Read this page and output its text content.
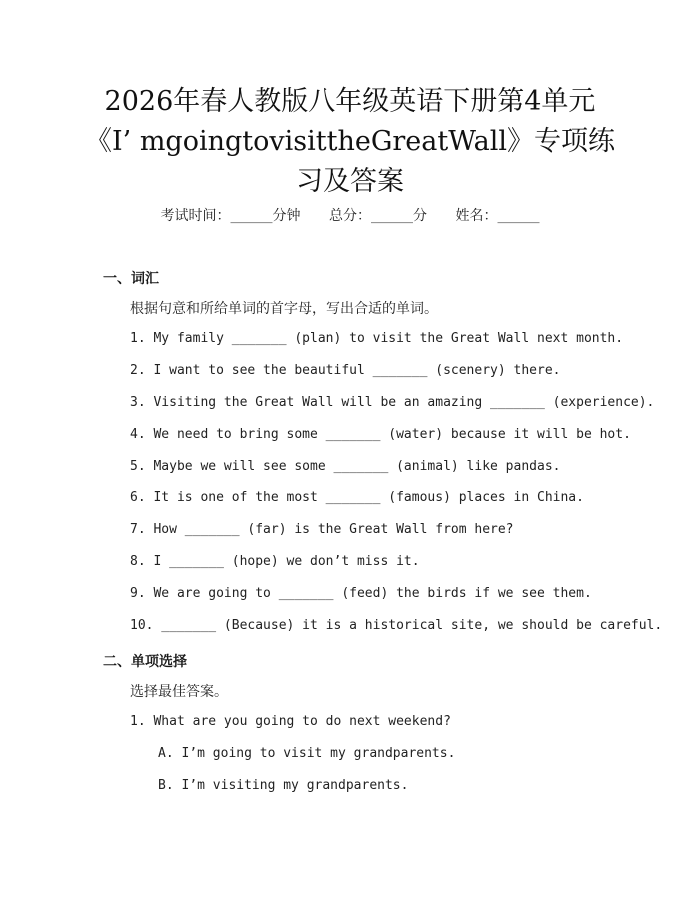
2026年春人教版八年级英语下册第4单元
《I’ mgoingtovisittheGreatWall》专项练
习及答案
考试时间：______分钟 总分：______分 姓名：______
一、词汇
根据句意和所给单词的首字母，写出合适的单词。
1. My family _______ (plan) to visit the Great Wall next month.
2. I want to see the beautiful _______ (scenery) there.
3. Visiting the Great Wall will be an amazing _______ (experience).
4. We need to bring some _______ (water) because it will be hot.
5. Maybe we will see some _______ (animal) like pandas.
6. It is one of the most _______ (famous) places in China.
7. How _______ (far) is the Great Wall from here?
8. I _______ (hope) we don’t miss it.
9. We are going to _______ (feed) the birds if we see them.
10. _______ (Because) it is a historical site, we should be careful.
二、单项选择
选择最佳答案。
1. What are you going to do next weekend?
A. I’m going to visit my grandparents.
B. I’m visiting my grandparents.
